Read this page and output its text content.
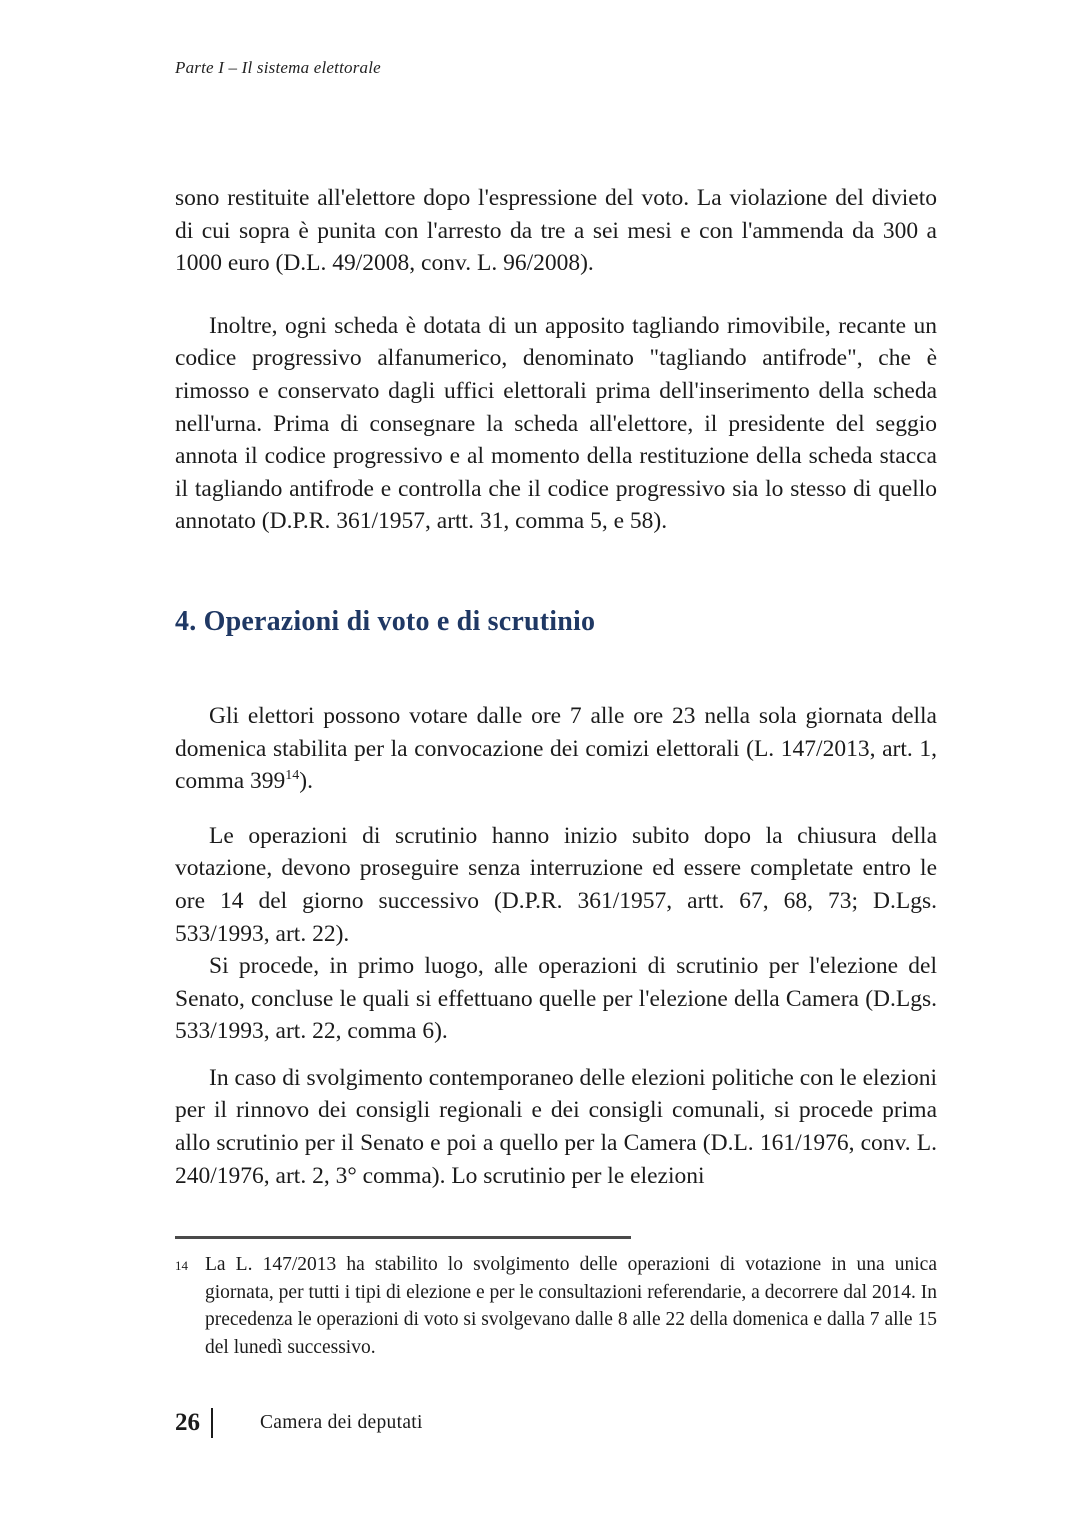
Parte I – Il sistema elettorale

sono restituite all'elettore dopo l'espressione del voto. La violazione del divieto di cui sopra è punita con l'arresto da tre a sei mesi e con l'ammenda da 300 a 1000 euro (D.L. 49/2008, conv. L. 96/2008).

Inoltre, ogni scheda è dotata di un apposito tagliando rimovibile, recante un codice progressivo alfanumerico, denominato "tagliando antifrode", che è rimosso e conservato dagli uffici elettorali prima dell'inserimento della scheda nell'urna. Prima di consegnare la scheda all'elettore, il presidente del seggio annota il codice progressivo e al momento della restituzione della scheda stacca il tagliando antifrode e controlla che il codice progressivo sia lo stesso di quello annotato (D.P.R. 361/1957, artt. 31, comma 5, e 58).

4. Operazioni di voto e di scrutinio

Gli elettori possono votare dalle ore 7 alle ore 23 nella sola giornata della domenica stabilita per la convocazione dei comizi elettorali (L. 147/2013, art. 1, comma 399$^{14}$).

Le operazioni di scrutinio hanno inizio subito dopo la chiusura della votazione, devono proseguire senza interruzione ed essere completate entro le ore 14 del giorno successivo (D.P.R. 361/1957, artt. 67, 68, 73; D.Lgs. 533/1993, art. 22).

Si procede, in primo luogo, alle operazioni di scrutinio per l'elezione del Senato, concluse le quali si effettuano quelle per l'elezione della Camera (D.Lgs. 533/1993, art. 22, comma 6).

In caso di svolgimento contemporaneo delle elezioni politiche con le elezioni per il rinnovo dei consigli regionali e dei consigli comunali, si procede prima allo scrutinio per il Senato e poi a quello per la Camera (D.L. 161/1976, conv. L. 240/1976, art. 2, 3° comma). Lo scrutinio per le elezioni

14 La L. 147/2013 ha stabilito lo svolgimento delle operazioni di votazione in una unica giornata, per tutti i tipi di elezione e per le consultazioni referendarie, a decorrere dal 2014. In precedenza le operazioni di voto si svolgevano dalle 8 alle 22 della domenica e dalla 7 alle 15 del lunedì successivo.
26	Camera dei deputati
